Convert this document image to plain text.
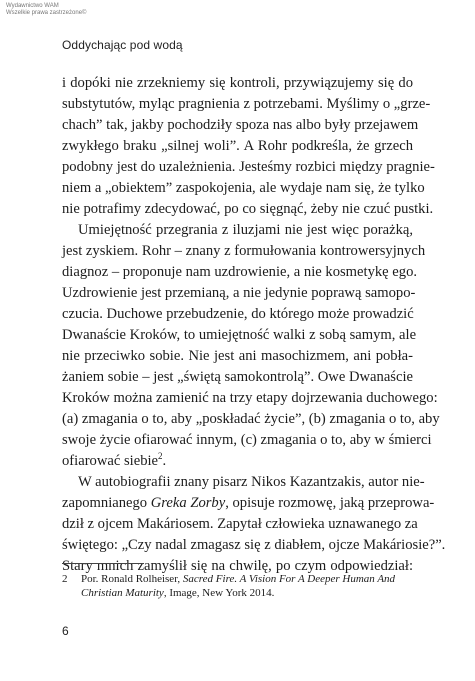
Wydawnictwo WAM
Wszelkie prawa zastrzeżone©
Oddychając pod wodą
i dopóki nie zrzekniemy się kontroli, przywiązujemy się do
substytutów, myląc pragnienia z potrzebami. Myślimy o „grze-
chach” tak, jakby pochodziły spoza nas albo były przejawem
zwykłego braku „silnej woli”. A Rohr podkreśla, że grzech
podobny jest do uzależnienia. Jesteśmy rozbici między pragnie-
niem a „obiektem” zaspokojenia, ale wydaje nam się, że tylko
nie potrafimy zdecydować, po co sięgnąć, żeby nie czuć pustki.
Umiejętność przegrania z iluzjami nie jest więc porażką,
jest zyskiem. Rohr – znany z formułowania kontrowersyjnych
diagnoz – proponuje nam uzdrowienie, a nie kosmetykę ego.
Uzdrowienie jest przemianą, a nie jedynie poprawą samopo-
czucia. Duchowe przebudzenie, do którego może prowadzić
Dwanaście Kroków, to umiejętność walki z sobą samym, ale
nie przeciwko sobie. Nie jest ani masochizmem, ani pobła-
żaniem sobie – jest „świętą samokontrolą”. Owe Dwanaście
Kroków można zamienić na trzy etapy dojrzewania duchowego:
(a) zmagania o to, aby „poskładać życie”, (b) zmagania o to, aby
swoje życie ofiarować innym, (c) zmagania o to, aby w śmierci
ofiarować siebie$^2$.
W autobiografii znany pisarz Nikos Kazantzakis, autor nie-
zapomnianego Greka Zorby, opisuje rozmowę, jaką przeprowa-
dził z ojcem Makáriosem. Zapytał człowieka uznawanego za
świętego: „Czy nadal zmagasz się z diabłem, ojcze Makáriosie?”.
Stary mnich zamyślił się na chwilę, po czym odpowiedział:
2	Por. Ronald Rolheiser, Sacred Fire. A Vision For A Deeper Human And
Christian Maturity, Image, New York 2014.
6
